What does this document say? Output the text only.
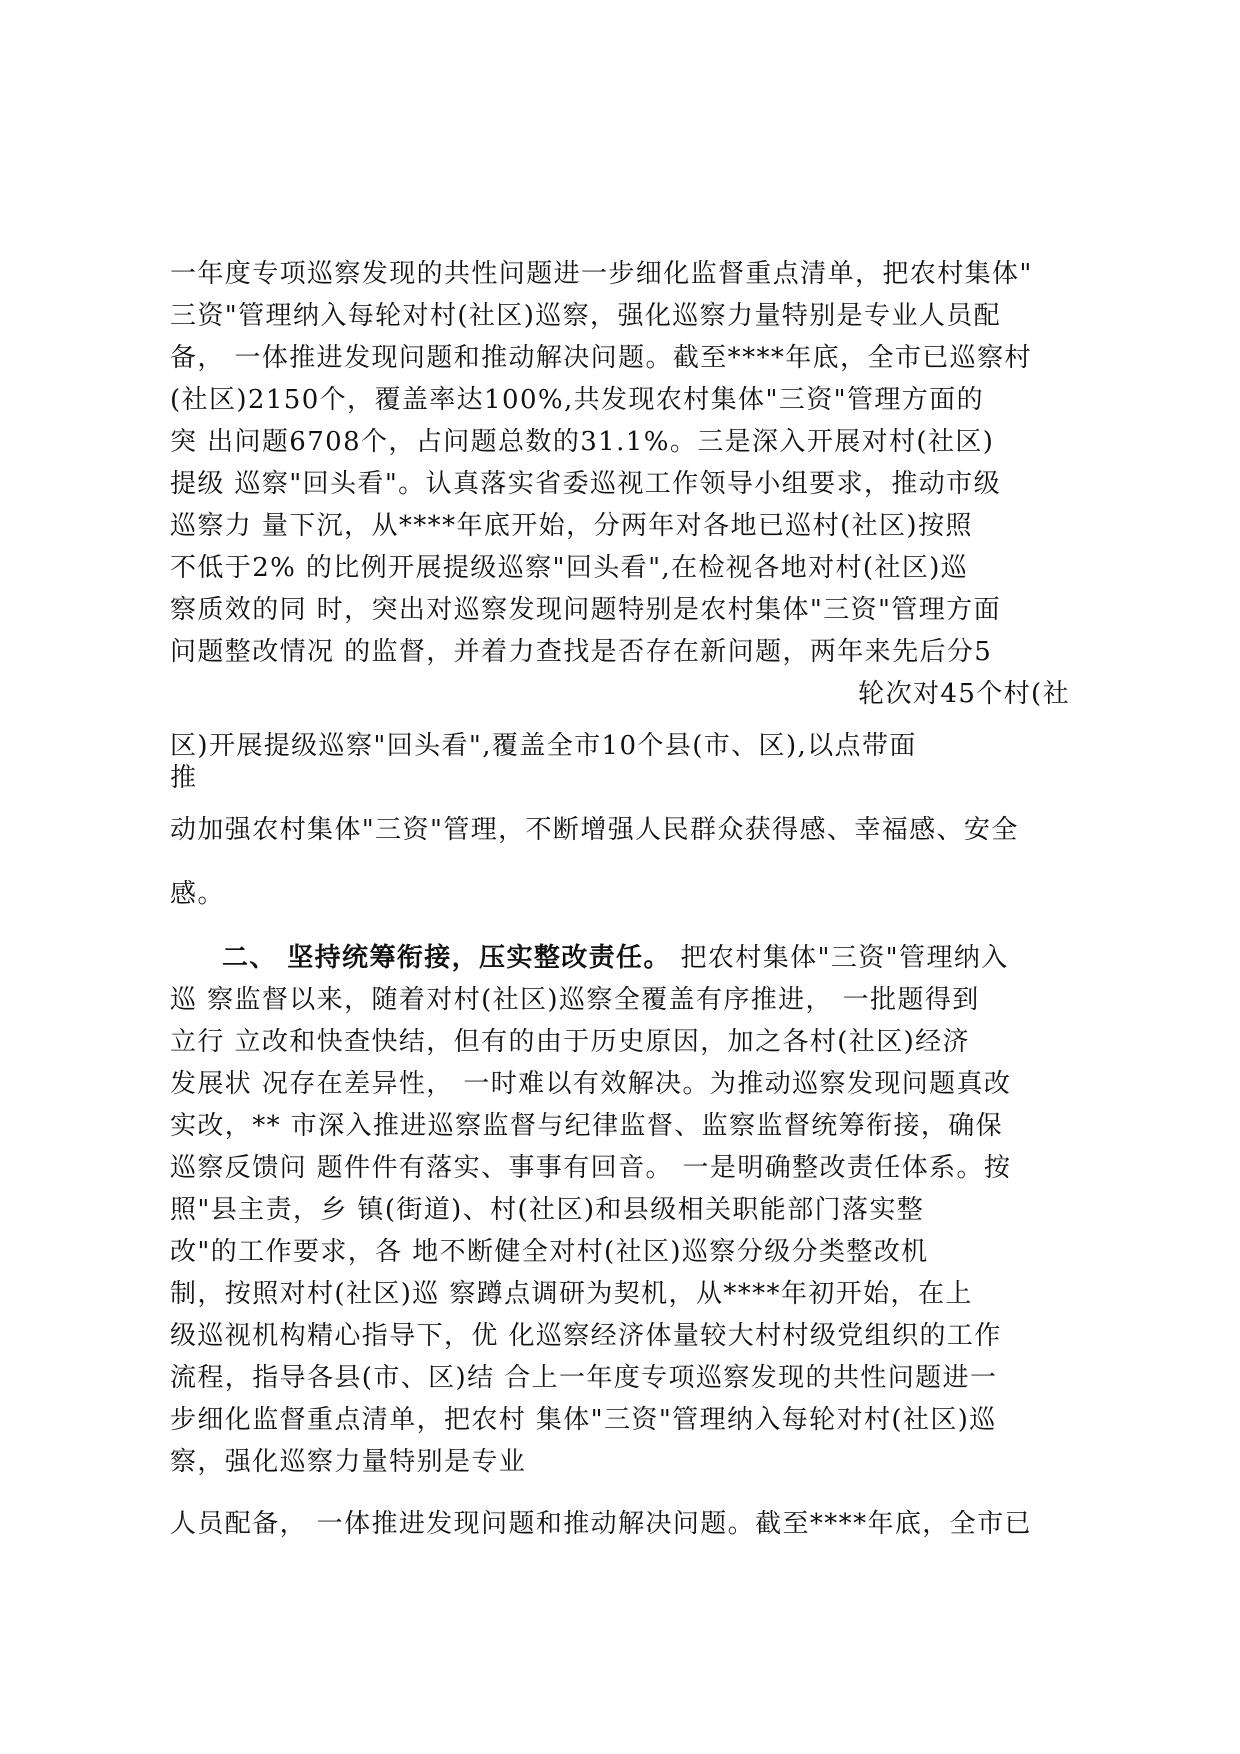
一年度专项巡察发现的共性问题进一步细化监督重点清单，把农村集体"
三资"管理纳入每轮对村(社区)巡察，强化巡察力量特别是专业人员配
备， 一体推进发现问题和推动解决问题。截至****年底，全市已巡察村
(社区)2150个，覆盖率达100%,共发现农村集体"三资"管理方面的
突 出问题6708个，占问题总数的31.1%。三是深入开展对村(社区)
提级 巡察"回头看"。认真落实省委巡视工作领导小组要求，推动市级
巡察力 量下沉，从****年底开始，分两年对各地已巡村(社区)按照
不低于2% 的比例开展提级巡察"回头看",在检视各地对村(社区)巡
察质效的同 时，突出对巡察发现问题特别是农村集体"三资"管理方面
问题整改情况 的监督，并着力查找是否存在新问题，两年来先后分5
轮次对45个村(社
区)开展提级巡察"回头看",覆盖全市10个县(市、区),以点带面
推
动加强农村集体"三资"管理，不断增强人民群众获得感、幸福感、安全
感。
二、 坚持统筹衔接，压实整改责任。 把农村集体"三资"管理纳入
巡 察监督以来，随着对村(社区)巡察全覆盖有序推进， 一批题得到
立行 立改和快查快结，但有的由于历史原因，加之各村(社区)经济
发展状 况存在差异性， 一时难以有效解决。为推动巡察发现问题真改
实改，** 市深入推进巡察监督与纪律监督、监察监督统筹衔接，确保
巡察反馈问 题件件有落实、事事有回音。 一是明确整改责任体系。按
照"县主责，乡 镇(街道)、村(社区)和县级相关职能部门落实整
改"的工作要求，各 地不断健全对村(社区)巡察分级分类整改机
制，按照对村(社区)巡 察蹲点调研为契机，从****年初开始，在上
级巡视机构精心指导下，优 化巡察经济体量较大村村级党组织的工作
流程，指导各县(市、区)结 合上一年度专项巡察发现的共性问题进一
步细化监督重点清单，把农村 集体"三资"管理纳入每轮对村(社区)巡
察，强化巡察力量特别是专业
人员配备， 一体推进发现问题和推动解决问题。截至****年底，全市已
